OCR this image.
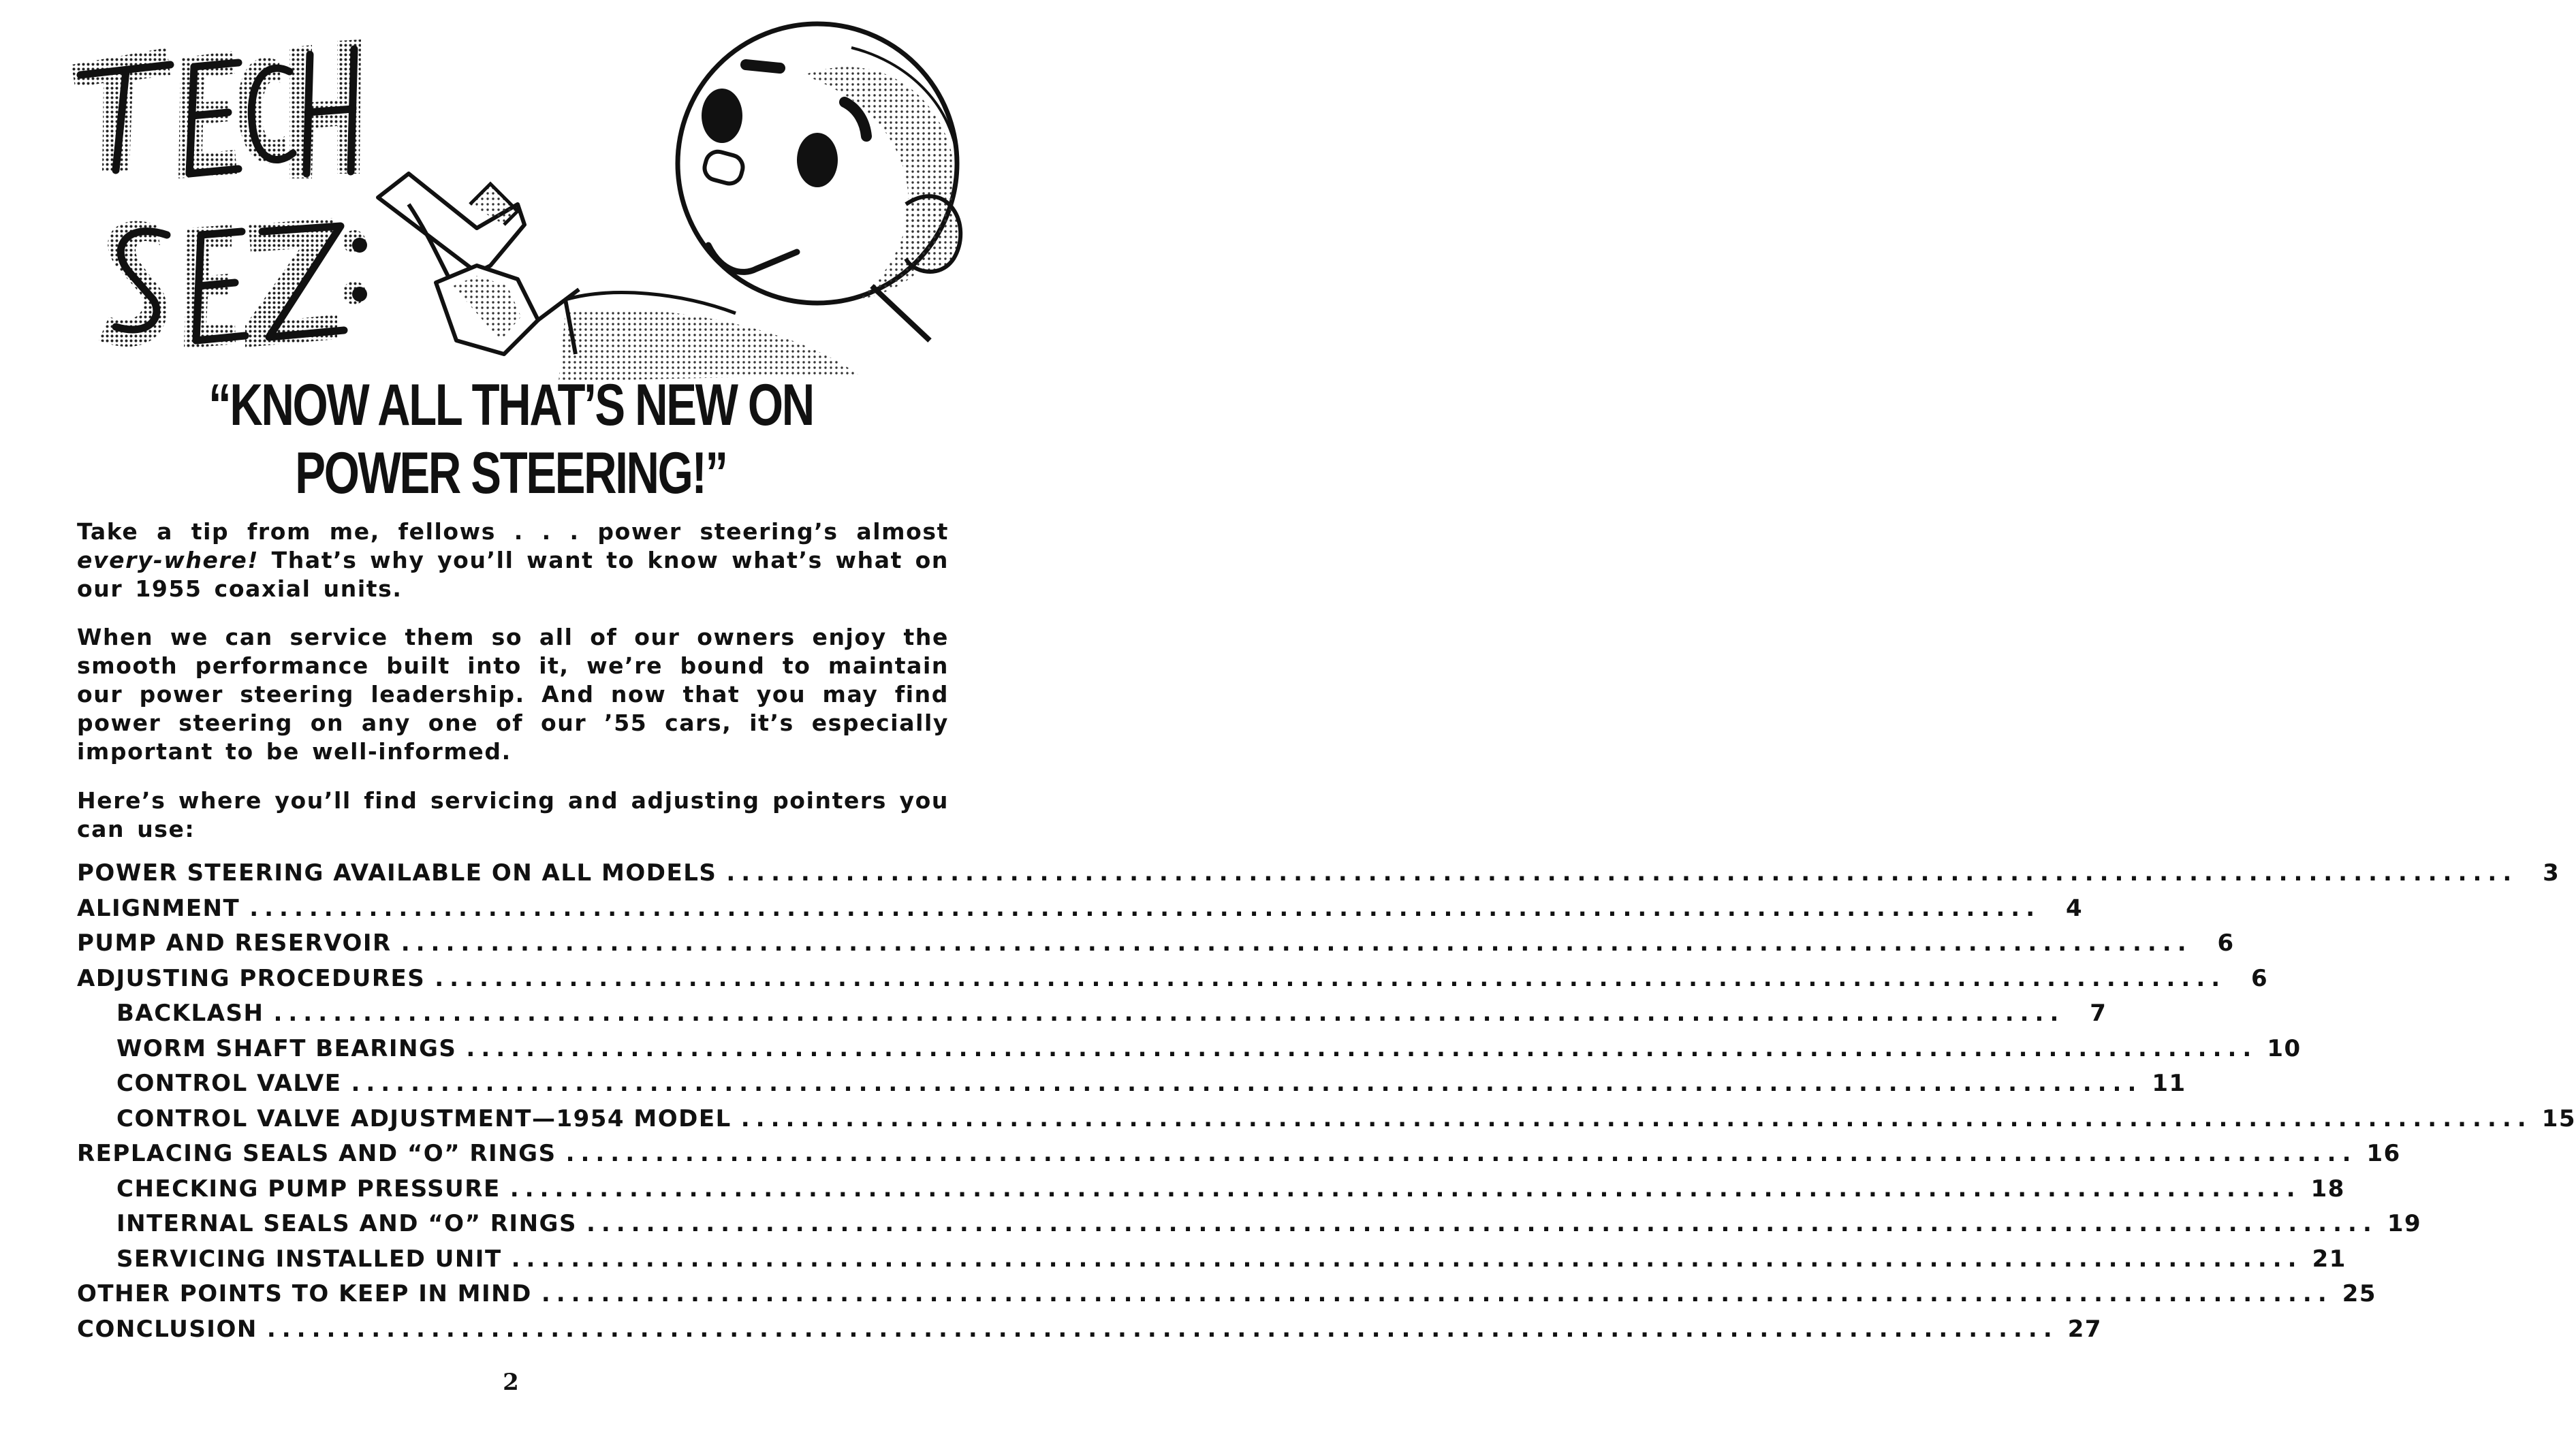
“KNOW ALL THAT’S NEW ON
POWER STEERING!”

Take a tip from me, fellows . . . power steering’s almost every-where! That’s why you’ll want to know what’s what on our 1955 coaxial units.

When we can service them so all of our owners enjoy the smooth performance built into it, we’re bound to maintain our power steering leadership. And now that you may find power steering on any one of our ’55 cars, it’s especially important to be well-informed.

Here’s where you’ll find servicing and adjusting pointers you can use:

POWER STEERING AVAILABLE ON ALL MODELS ........................................................................................................................	3
ALIGNMENT ........................................................................................................................	4
PUMP AND RESERVOIR ........................................................................................................................	6
ADJUSTING PROCEDURES ........................................................................................................................	6
BACKLASH ........................................................................................................................	7
WORM SHAFT BEARINGS ........................................................................................................................ 10
CONTROL VALVE ........................................................................................................................ 11
CONTROL VALVE ADJUSTMENT—1954 MODEL ........................................................................................................................ 15
REPLACING SEALS AND “O” RINGS ........................................................................................................................ 16
CHECKING PUMP PRESSURE ........................................................................................................................ 18
INTERNAL SEALS AND “O” RINGS ........................................................................................................................ 19
SERVICING INSTALLED UNIT ........................................................................................................................ 21
OTHER POINTS TO KEEP IN MIND ........................................................................................................................ 25
CONCLUSION ........................................................................................................................ 27
2
